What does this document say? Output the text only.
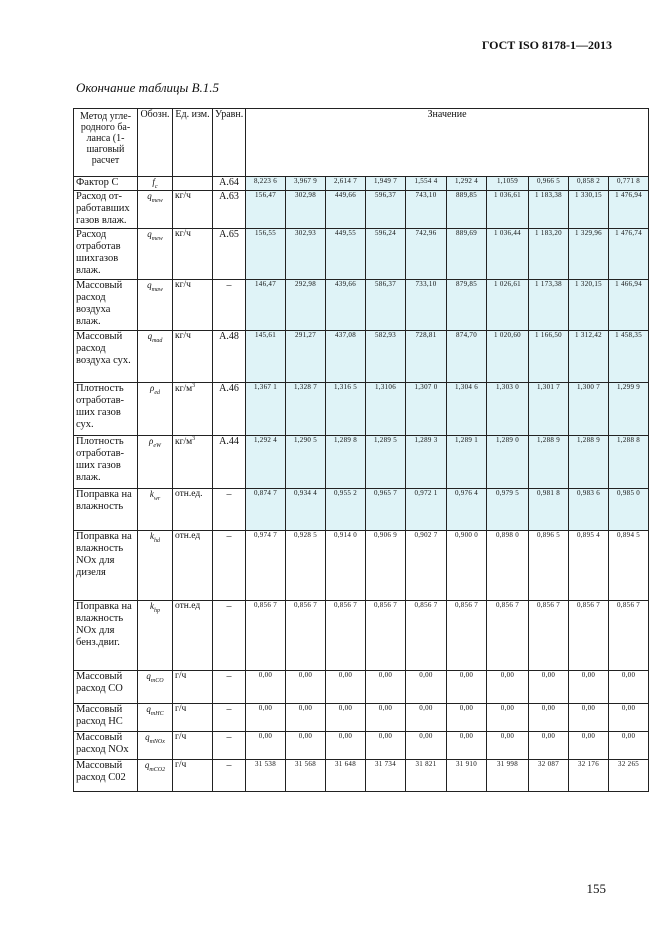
ГОСТ ISO 8178-1—2013
Окончание таблицы В.1.5
Метод угле-родного ба-ланса (1-шаговый расчет	Обозн.	Ед. изм.	Уравн.	Значение									
Фактор С	$f_c$		А.64	8,223 6	3,967 9	2,614 7	1,949 7	1,554 4	1,292 4	1,1059	0,966 5	0,858 2	0,771 8
Расход от-работавших газов влаж.	$q_{mew}$	кг/ч	А.63	156,47	302,98	449,66	596,37	743,10	889,85	1 036,61	1 183,38	1 330,15	1 476,94
Расход отработав шихгазов влаж.	$q_{mew}$	кг/ч	А.65	156,55	302,93	449,55	596,24	742,96	889,69	1 036,44	1 183,20	1 329,96	1 476,74
Массовый расход воздуха влаж.	$q_{maw}$	кг/ч	–	146,47	292,98	439,66	586,37	733,10	879,85	1 026,61	1 173,38	1 320,15	1 466,94
Массовый расход воздуха сух.	$q_{mad}$	кг/ч	А.48	145,61	291,27	437,08	582,93	728,81	874,70	1 020,60	1 166,50	1 312,42	1 458,35
Плотность отработав-ших газов сух.	$\rho_{ed}$	$кг/м^3$	А.46	1,367 1	1,328 7	1,316 5	1,3106	1,307 0	1,304 6	1,303 0	1,301 7	1,300 7	1,299 9
Плотность отработав-ших газов влаж.	$\rho_{eW}$	$кг/м^3$	А.44	1,292 4	1,290 5	1,289 8	1,289 5	1,289 3	1,289 1	1,289 0	1,288 9	1,288 9	1,288 8
Поправка на влажность	$k_{wr}$	отн.ед.	–	0,874 7	0,934 4	0,955 2	0,965 7	0,972 1	0,976 4	0,979 5	0,981 8	0,983 6	0,985 0
Поправка на влажность NOx для дизеля	$k_{hd}$	отн.ед	–	0,974 7	0,928 5	0,914 0	0,906 9	0,902 7	0,900 0	0,898 0	0,896 5	0,895 4	0,894 5
Поправка на влажность NOx для бенз.двиг.	$k_{hp}$	отн.ед	–	0,856 7	0,856 7	0,856 7	0,856 7	0,856 7	0,856 7	0,856 7	0,856 7	0,856 7	0,856 7
Массовый расход CO	$q_{mCO}$	г/ч	–	0,00	0,00	0,00	0,00	0,00	0,00	0,00	0,00	0,00	0,00
Массовый расход HC	$q_{mHC}$	г/ч	–	0,00	0,00	0,00	0,00	0,00	0,00	0,00	0,00	0,00	0,00
Массовый расход NOx	$q_{mNOx}$	г/ч	–	0,00	0,00	0,00	0,00	0,00	0,00	0,00	0,00	0,00	0,00
Массовый расход C02	$q_{mCO2}$	г/ч	–	31 538	31 568	31 648	31 734	31 821	31 910	31 998	32 087	32 176	32 265
155
